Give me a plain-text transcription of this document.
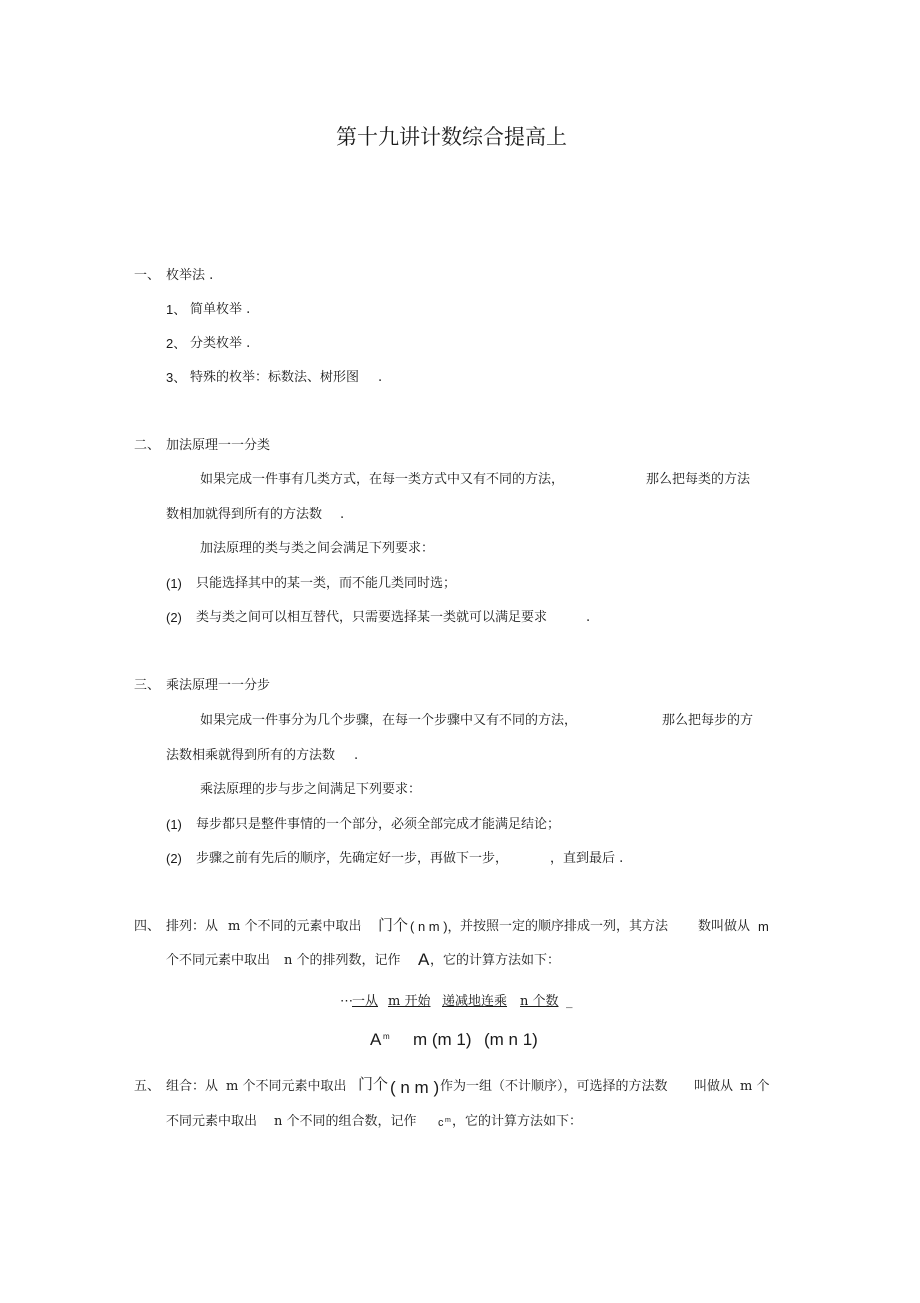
第十九讲计数综合提高上
一、 枚举法 .
1、 简单枚举 .
2、 分类枚举 .
3、 特殊的枚举：标数法、树形图 .
二、 加法原理一一分类
如果完成一件事有几类方式，在每一类方式中又有不同的方法，	那么把每类的方法
数相加就得到所有的方法数 .
加法原理的类与类之间会满足下列要求：
(1) 只能选择其中的某一类，而不能几类同时选；
(2) 类与类之间可以相互替代，只需要选择某一类就可以满足要求	.
三、 乘法原理一一分步
如果完成一件事分为几个步骤，在每一个步骤中又有不同的方法，	那么把每步的方
法数相乘就得到所有的方法数 .
乘法原理的步与步之间满足下列要求：
(1) 每步都只是整件事情的一个部分，必须全部完成才能满足结论；
(2) 步骤之前有先后的顺序，先确定好一步，再做下一步，	，直到最后 .
四、 排列：从 m 个不同的元素中取出 门个 ( n m )， 并按照一定的顺序排成一列，其方法 数叫做从 m
个不同元素中取出 n 个的排列数，记作 A ，它的计算方法如下：
⋯ 一从 m 开始 递减地连乘 n 个数 _
A m m (m 1) (m n 1)
五、 组合：从 m 个不同元素中取出 门个 ( n m ) 作为一组（不计顺序），可选择的方法数 叫做从 m 个
不同元素中取出 n 个不同的组合数，记作 c m ，它的计算方法如下：
